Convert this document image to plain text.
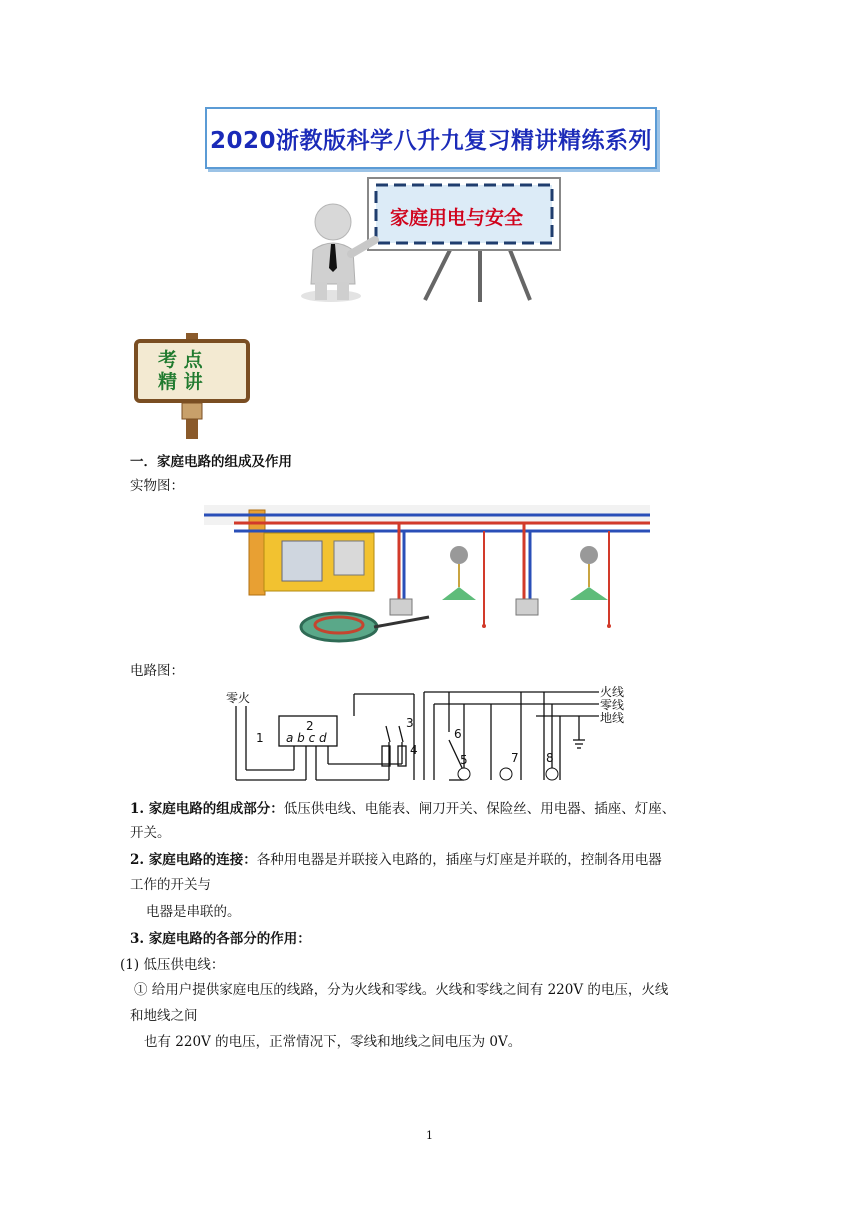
2020浙教版科学八升九复习精讲精练系列
家庭用电与安全
考 点
精 讲
一．家庭电路的组成及作用
实物图：
电路图：
零火	火线
零线
地线
1
2
a b c d
3
4
5
6
7 8
1. 家庭电路的组成部分：低压供电线、电能表、闸刀开关、保险丝、用电器、插座、灯座、
开关。
2. 家庭电路的连接：各种用电器是并联接入电路的，插座与灯座是并联的，控制各用电器
工作的开关与
电器是串联的。
3. 家庭电路的各部分的作用：
(1) 低压供电线：
① 给用户提供家庭电压的线路，分为火线和零线。火线和零线之间有 220V 的电压，火线
和地线之间
也有 220V 的电压，正常情况下，零线和地线之间电压为 0V。
1
